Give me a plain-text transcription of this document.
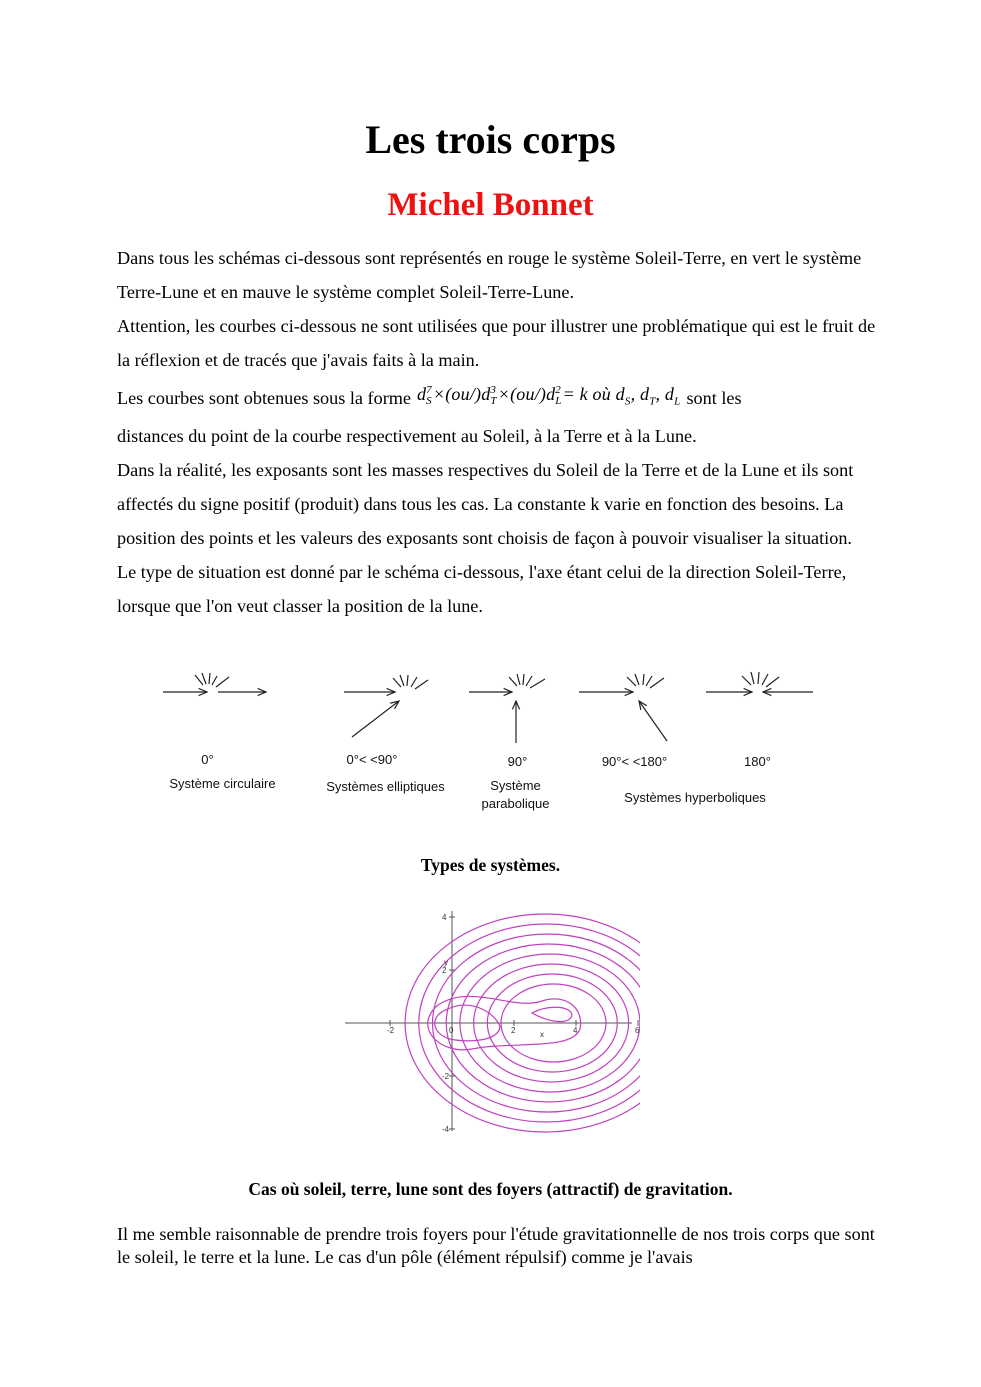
Les trois corps
Michel Bonnet

Dans tous les schémas ci-dessous sont représentés en rouge le système Soleil-Terre, en vert le système Terre-Lune et en mauve le système complet Soleil-Terre-Lune.

Attention, les courbes ci-dessous ne sont utilisées que pour illustrer une problématique qui est le fruit de la réflexion et de tracés que j'avais faits à la main.

Les courbes sont obtenues sous la forme d 7
S ×(ou/)d 3
T ×(ou/)d 2
L = k où $d_S$, $d_T$, $d_L$ sont les

distances du point de la courbe respectivement au Soleil, à la Terre et à la Lune.

Dans la réalité, les exposants sont les masses respectives du Soleil de la Terre et de la Lune et ils sont affectés du signe positif (produit) dans tous les cas. La constante k varie en fonction des besoins. La position des points et les valeurs des exposants sont choisis de façon à pouvoir visualiser la situation.

Le type de situation est donné par le schéma ci-dessous, l'axe étant celui de la direction Soleil-Terre, lorsque que l'on veut classer la position de la lune.

0°
Système circulaire
0°< <90°
Systèmes elliptiques
90°
Système parabolique
90°< <180°	180°
Systèmes hyperboliques
Types de systèmes.
-2	0	2	4	6
4
2
-2
-4
x
y
Cas où soleil, terre, lune sont des foyers (attractif) de gravitation.

Il me semble raisonnable de prendre trois foyers pour l'étude gravitationnelle de nos trois corps que sont le soleil, le terre et la lune. Le cas d'un pôle (élément répulsif) comme je l'avais
